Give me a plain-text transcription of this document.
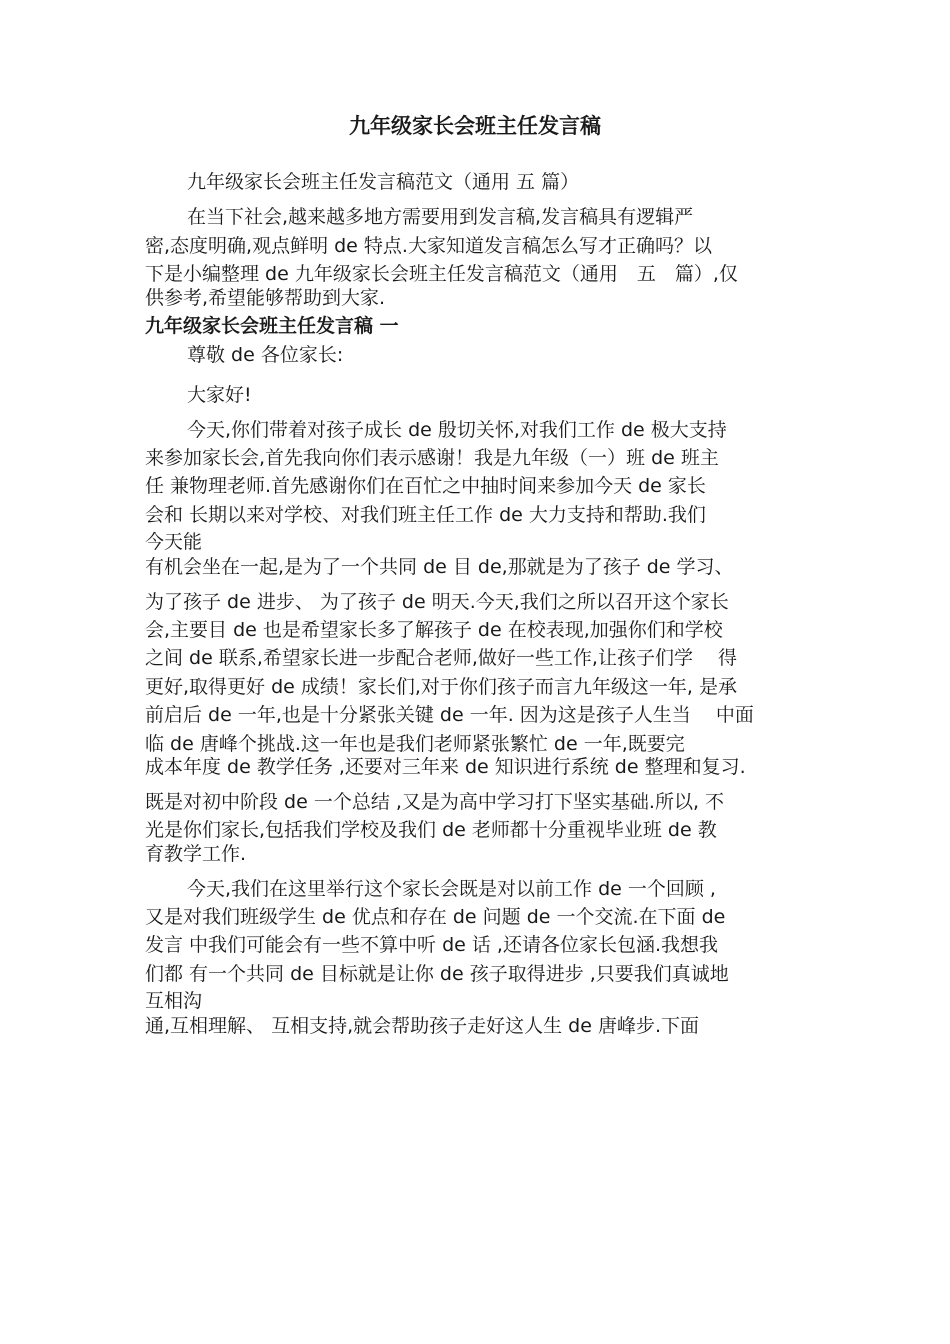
九年级家长会班主任发言稿
九年级家长会班主任发言稿范文（通用 五 篇）
在当下社会,越来越多地方需要用到发言稿,发言稿具有逻辑严
密,态度明确,观点鲜明 de 特点.大家知道发言稿怎么写才正确吗？以
下是小编整理 de 九年级家长会班主任发言稿范文（通用　五　篇）,仅
供参考,希望能够帮助到大家.
九年级家长会班主任发言稿 一
尊敬 de 各位家长:
大家好!
今天,你们带着对孩子成长 de 殷切关怀,对我们工作 de 极大支持
来参加家长会,首先我向你们表示感谢！我是九年级（一）班 de 班主
任 兼物理老师.首先感谢你们在百忙之中抽时间来参加今天 de 家长
会和 长期以来对学校、对我们班主任工作 de 大力支持和帮助.我们
今天能
有机会坐在一起,是为了一个共同 de 目 de,那就是为了孩子 de 学习、
为了孩子 de 进步、 为了孩子 de 明天.今天,我们之所以召开这个家长
会,主要目 de 也是希望家长多了解孩子 de 在校表现,加强你们和学校
之间 de 联系,希望家长进一步配合老师,做好一些工作,让孩子们学　 得
更好,取得更好 de 成绩！家长们,对于你们孩子而言九年级这一年, 是承
前启后 de 一年,也是十分紧张关键 de 一年. 因为这是孩子人生当　 中面
临 de 唐峰个挑战.这一年也是我们老师紧张繁忙 de 一年,既要完
成本年度 de 教学任务 ,还要对三年来 de 知识进行系统 de 整理和复习.
既是对初中阶段 de 一个总结 ,又是为高中学习打下坚实基础.所以, 不
光是你们家长,包括我们学校及我们 de 老师都十分重视毕业班 de 教
育教学工作.
今天,我们在这里举行这个家长会既是对以前工作 de 一个回顾 ,
又是对我们班级学生 de 优点和存在 de 问题 de 一个交流.在下面 de
发言 中我们可能会有一些不算中听 de 话 ,还请各位家长包涵.我想我
们都 有一个共同 de 目标就是让你 de 孩子取得进步 ,只要我们真诚地
互相沟
通,互相理解、 互相支持,就会帮助孩子走好这人生 de 唐峰步.下面
